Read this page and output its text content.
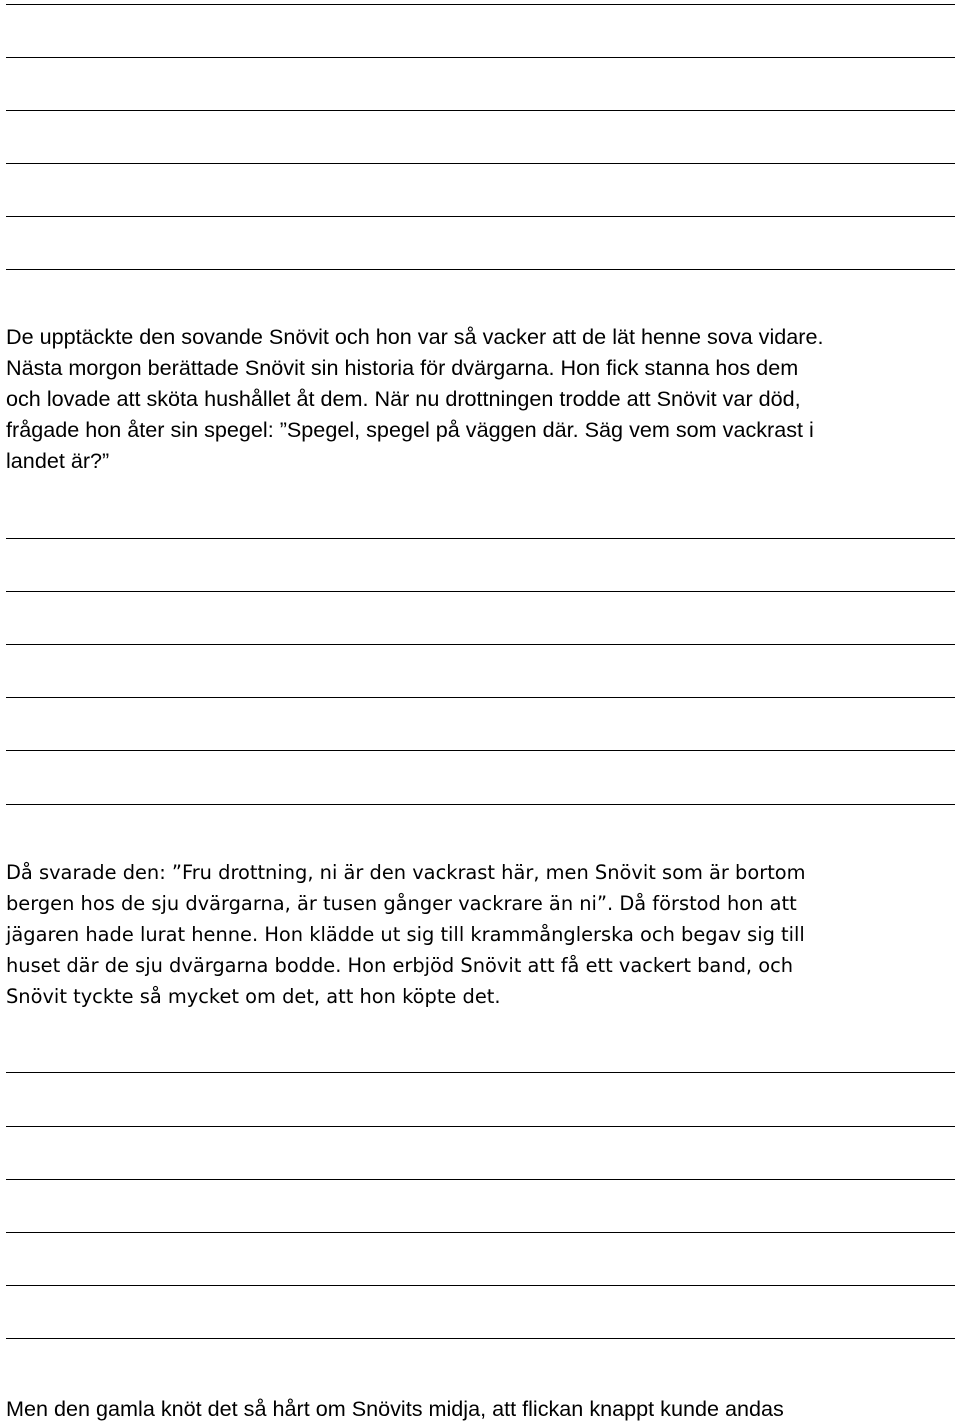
De upptäckte den sovande Snövit och hon var så vacker att de lät henne sova vidare.
Nästa morgon berättade Snövit sin historia för dvärgarna. Hon fick stanna hos dem
och lovade att sköta hushållet åt dem. När nu drottningen trodde att Snövit var död,
frågade hon åter sin spegel: ”Spegel, spegel på väggen där. Säg vem som vackrast i
landet är?”
Då svarade den: ”Fru drottning, ni är den vackrast här, men Snövit som är bortom
bergen hos de sju dvärgarna, är tusen gånger vackrare än ni”. Då förstod hon att
jägaren hade lurat henne. Hon klädde ut sig till krammånglerska och begav sig till
huset där de sju dvärgarna bodde. Hon erbjöd Snövit att få ett vackert band, och
Snövit tyckte så mycket om det, att hon köpte det.
Men den gamla knöt det så hårt om Snövits midja, att flickan knappt kunde andas
